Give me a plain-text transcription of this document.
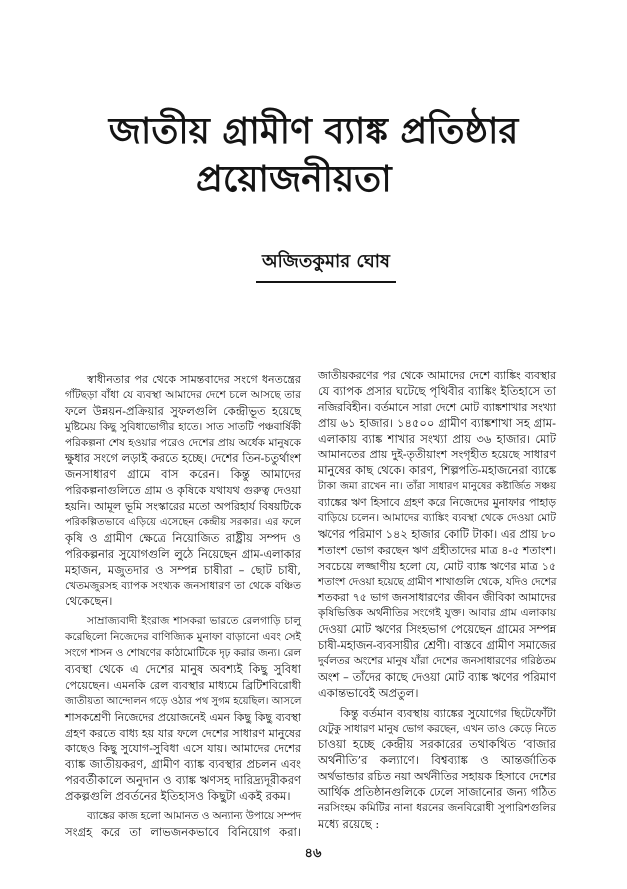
জাতীয় গ্রামীণ ব্যাঙ্ক প্রতিষ্ঠার
প্রয়োজনীয়তা
অজিতকুমার ঘোষ
স্বাধীনতার পর থেকে সামন্তবাদের সংগে ধনতন্ত্রের
গাঁটছড়া বাঁধা যে ব্যবস্থা আমাদের দেশে চলে আসছে তার
ফলে উন্নয়ন-প্রক্রিয়ার সুফলগুলি কেন্দ্রীভূত হয়েছে
মুষ্টিমেয় কিছু সুবিধাভোগীর হাতে। সাত সাতটি পঞ্চবার্ষিকী
পরিকল্পনা শেষ হওয়ার পরেও দেশের প্রায় অর্ধেক মানুষকে
ক্ষুধার সংগে লড়াই করতে হচ্ছে। দেশের তিন-চতুর্থাংশ
জনসাধারণ গ্রামে বাস করেন। কিন্তু আমাদের
পরিকল্পনাগুলিতে গ্রাম ও কৃষিকে যথাযথ গুরুত্ব দেওয়া
হয়নি। আমূল ভূমি সংস্কারের মতো অপরিহার্য বিষয়টিকে
পরিকল্পিতভাবে এড়িয়ে এসেছেন কেন্দ্রীয় সরকার। এর ফলে
কৃষি ও গ্রামীণ ক্ষেত্রে নিয়োজিত রাষ্ট্রীয় সম্পদ ও
পরিকল্পনার সুযোগগুলি লুঠে নিয়েছেন গ্রাম-এলাকার
মহাজন, মজুতদার ও সম্পন্ন চাষীরা – ছোট চাষী,
খেতমজুরসহ ব্যাপক সংখ্যক জনসাধারণ তা থেকে বঞ্চিত
থেকেছেন।
সাম্রাজ্যবাদী ইংরাজ শাসকরা ভারতে রেলগাড়ি চালু
করেছিলো নিজেদের বাণিজ্যিক মুনাফা বাড়ানো এবং সেই
সংগে শাসন ও শোষণের কাঠামোটিকে দৃঢ় করার জন্য। রেল
ব্যবস্থা থেকে এ দেশের মানুষ অবশ্যই কিছু সুবিধা
পেয়েছেন। এমনকি রেল ব্যবস্থার মাধ্যমে ব্রিটিশবিরোধী
জাতীয়তা আন্দোলন গড়ে ওঠার পথ সুগম হয়েছিল। আসলে
শাসকশ্রেণী নিজেদের প্রয়োজনেই এমন কিছু কিছু ব্যবস্থা
গ্রহণ করতে বাধ্য হয় যার ফলে দেশের সাধারণ মানুষের
কাছেও কিছু সুযোগ-সুবিধা এসে যায়। আমাদের দেশের
ব্যাঙ্ক জাতীয়করণ, গ্রামীণ ব্যাঙ্ক ব্যবস্থার প্রচলন এবং
পরবর্তীকালে অনুদান ও ব্যাঙ্ক ঋণসহ দারিদ্র্যদূরীকরণ
প্রকল্পগুলি প্রবর্তনের ইতিহাসও কিছুটা একই রকম।
ব্যাঙ্কের কাজ হলো আমানত ও অন্যান্য উপায়ে সম্পদ
সংগ্রহ করে তা লাভজনকভাবে বিনিয়োগ করা।
জাতীয়করণের পর থেকে আমাদের দেশে ব্যাঙ্কিং ব্যবস্থার
যে ব্যাপক প্রসার ঘটেছে পৃথিবীর ব্যাঙ্কিং ইতিহাসে তা
নজিরবিহীন। বর্তমানে সারা দেশে মোট ব্যাঙ্কশাখার সংখ্যা
প্রায় ৬১ হাজার। ১৪৫০০ গ্রামীণ ব্যাঙ্কশাখা সহ গ্রাম-
এলাকায় ব্যাঙ্ক শাখার সংখ্যা প্রায় ৩৬ হাজার। মোট
আমানতের প্রায় দুই-তৃতীয়াংশ সংগৃহীত হয়েছে সাধারণ
মানুষের কাছ থেকে। কারণ, শিল্পপতি-মহাজনেরা ব্যাঙ্কে
টাকা জমা রাখেন না। তাঁরা সাধারণ মানুষের কষ্টার্জিত সঞ্চয়
ব্যাঙ্কের ঋণ হিসাবে গ্রহণ করে নিজেদের মুনাফার পাহাড়
বাড়িয়ে চলেন। আমাদের ব্যাঙ্কিং ব্যবস্থা থেকে দেওয়া মোট
ঋণের পরিমাণ ১৪২ হাজার কোটি টাকা। এর প্রায় ৮০
শতাংশ ভোগ করছেন ঋণ গ্রহীতাদের মাত্র ৪-৫ শতাংশ।
সবচেয়ে লজ্জাণীয় হলো যে, মোট ব্যাঙ্ক ঋণের মাত্র ১৫
শতাংশ দেওয়া হয়েছে গ্রামীণ শাখাগুলি থেকে, যদিও দেশের
শতকরা ৭৫ ভাগ জনসাধারণের জীবন জীবিকা আমাদের
কৃষিভিত্তিক অর্থনীতির সংগেই যুক্ত। আবার গ্রাম এলাকায়
দেওয়া মোট ঋণের সিংহভাগ পেয়েছেন গ্রামের সম্পন্ন
চাষী-মহাজন-ব্যবসায়ীর শ্রেণী। বাস্তবে গ্রামীণ সমাজের
দুর্বলতর অংশের মানুষ যাঁরা দেশের জনসাধারণের গরিষ্ঠতম
অংশ – তাঁদের কাছে দেওয়া মোট ব্যাঙ্ক ঋণের পরিমাণ
একান্তভাবেই অপ্রতুল।
কিন্তু বর্তমান ব্যবস্থায় ব্যাঙ্কের সুযোগের ছিটেফোঁটা
যেটুকু সাধারণ মানুষ ভোগ করছেন, এখন তাও কেড়ে নিতে
চাওয়া হচ্ছে কেন্দ্রীয় সরকারের তথাকথিত ‘বাজার
অর্থনীতি’র কল্যাণে। বিশ্বব্যাঙ্ক ও আন্তর্জাতিক
অর্থভান্ডার রচিত নয়া অর্থনীতির সহায়ক হিসাবে দেশের
আর্থিক প্রতিষ্ঠানগুলিকে ঢেলে সাজানোর জন্য গঠিত
নরসিংহম কমিটির নানা ধরনের জনবিরোধী সুপারিশগুলির
মধ্যে রয়েছে :
৪৬
